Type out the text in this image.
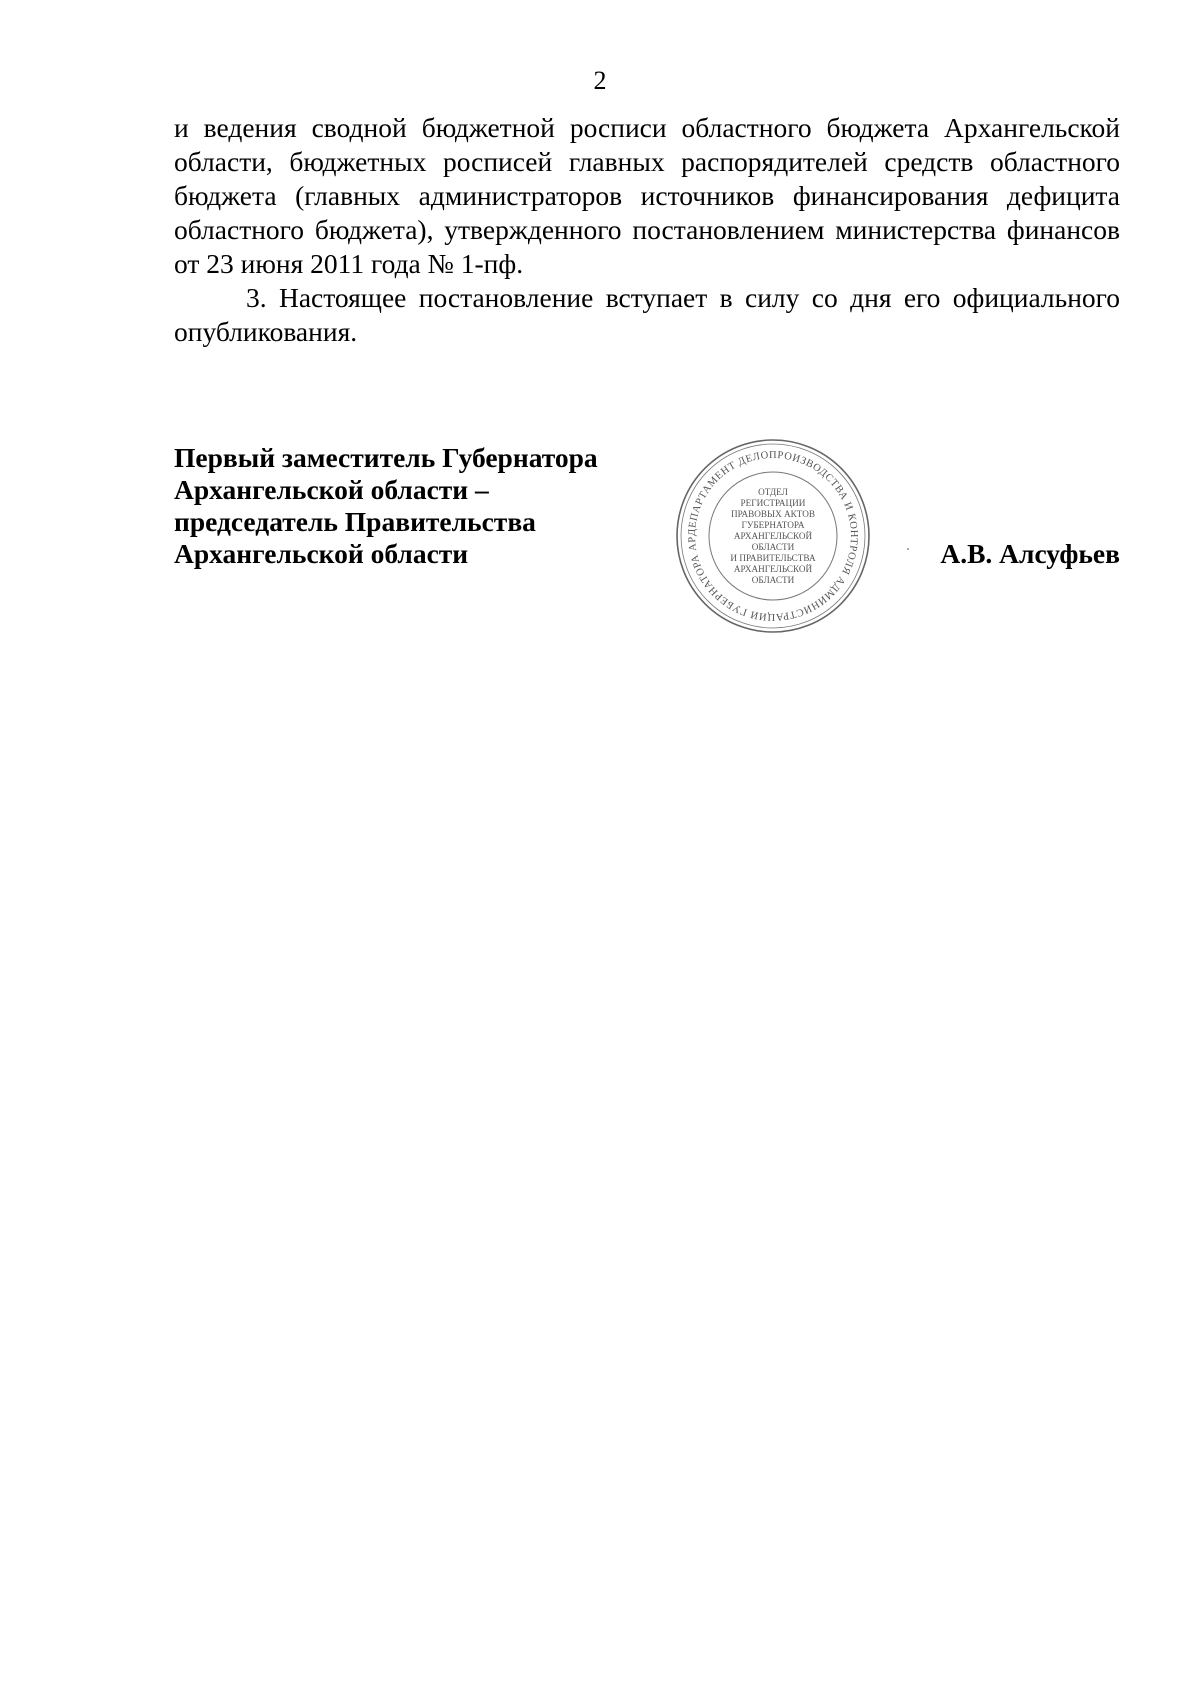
2

и ведения сводной бюджетной росписи областного бюджета Архангельской
области, бюджетных росписей главных распорядителей средств областного
бюджета (главных администраторов источников финансирования дефицита
областного бюджета), утвержденного постановлением министерства финансов
от 23 июня 2011 года № 1-пф.

3. Настоящее постановление вступает в силу со дня его официального
опубликования.

Первый заместитель Губернатора
Архангельской области –
председатель Правительства
Архангельской области
ДЕПАРТАМЕНТ ДЕЛОПРОИЗВОДСТВА И КОНТРОЛЯ АДМИНИСТРАЦИИ ГУБЕРНАТОРА АР
ОТДЕЛ
РЕГИСТРАЦИИ
ПРАВОВЫХ АКТОВ
ГУБЕРНАТОРА
АРХАНГЕЛЬСКОЙ
ОБЛАСТИ
И ПРАВИТЕЛЬСТВА
АРХАНГЕЛЬСКОЙ
ОБЛАСТИ
А.В. Алсуфьев
